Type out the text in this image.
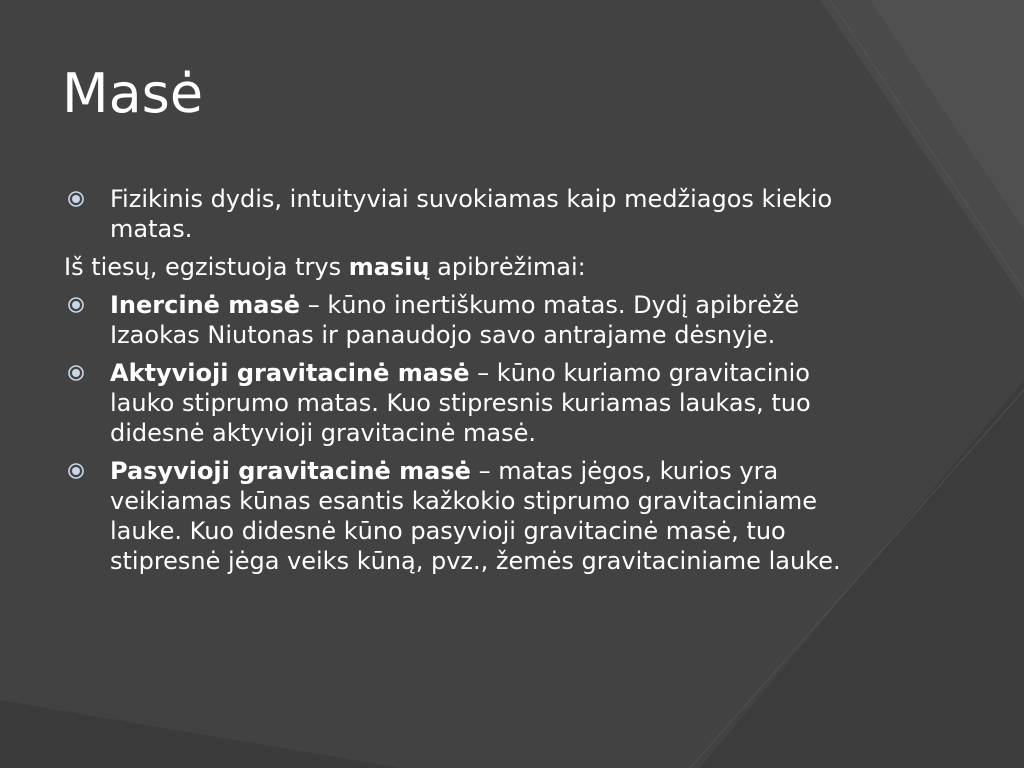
Masė
Fizikinis dydis, intuityviai suvokiamas kaip medžiagos kiekio matas.
Iš tiesų, egzistuoja trys masių apibrėžimai:
Inercinė masė – kūno inertiškumo matas. Dydį apibrėžė Izaokas Niutonas ir panaudojo savo antrajame dėsnyje.
Aktyvioji gravitacinė masė – kūno kuriamo gravitacinio lauko stiprumo matas. Kuo stipresnis kuriamas laukas, tuo didesnė aktyvioji gravitacinė masė.
Pasyvioji gravitacinė masė – matas jėgos, kurios yra veikiamas kūnas esantis kažkokio stiprumo gravitaciniame lauke. Kuo didesnė kūno pasyvioji gravitacinė masė, tuo stipresnė jėga veiks kūną, pvz., žemės gravitaciniame lauke.
